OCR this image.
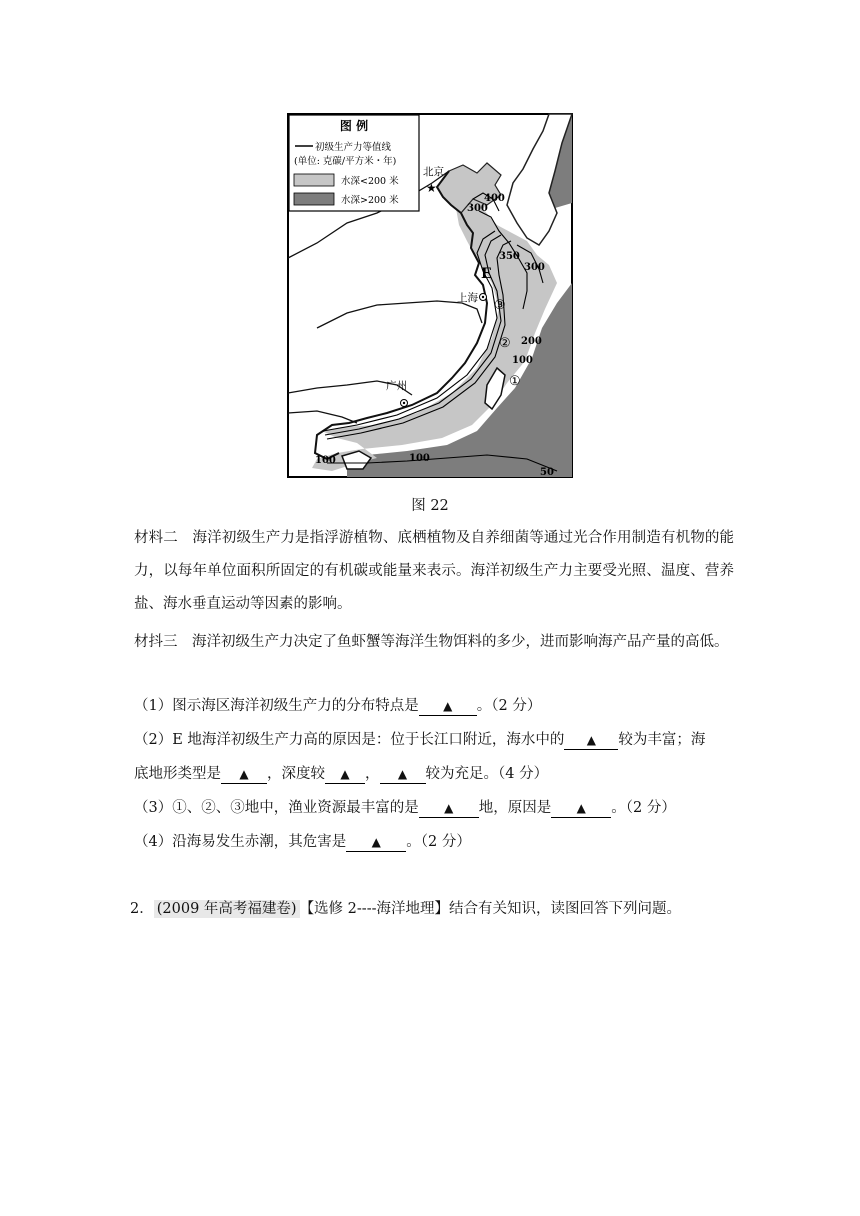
图 例
初级生产力等值线
(单位: 克碳/平方米・年)
水深<200 米
水深>200 米
北京
★
上海
广州
E
①
②
③
400
300
350
300
200
100
100	100
50
图 22
材料二　海洋初级生产力是指浮游植物、底栖植物及自养细菌等通过光合作用制造有机物的能力，以每年单位面积所固定的有机碳或能量来表示。海洋初级生产力主要受光照、温度、营养盐、海水垂直运动等因素的影响。
材抖三　海洋初级生产力决定了鱼虾蟹等海洋生物饵料的多少，进而影响海产品产量的高低。
（1）图示海区海洋初级生产力的分布特点是 ▲ 。（2 分）
（2）E 地海洋初级生产力高的原因是：位于长江口附近，海水中的 ▲ 较为丰富；海
底地形类型是 ▲ ，深度较 ▲ ， ▲ 较为充足。（4 分）
（3）①、②、③地中，渔业资源最丰富的是 ▲ 地，原因是 ▲ 。（2 分）
（4）沿海易发生赤潮，其危害是 ▲ 。（2 分）
2． (2009 年高考福建卷) 【选修 2----海洋地理】结合有关知识，读图回答下列问题。
